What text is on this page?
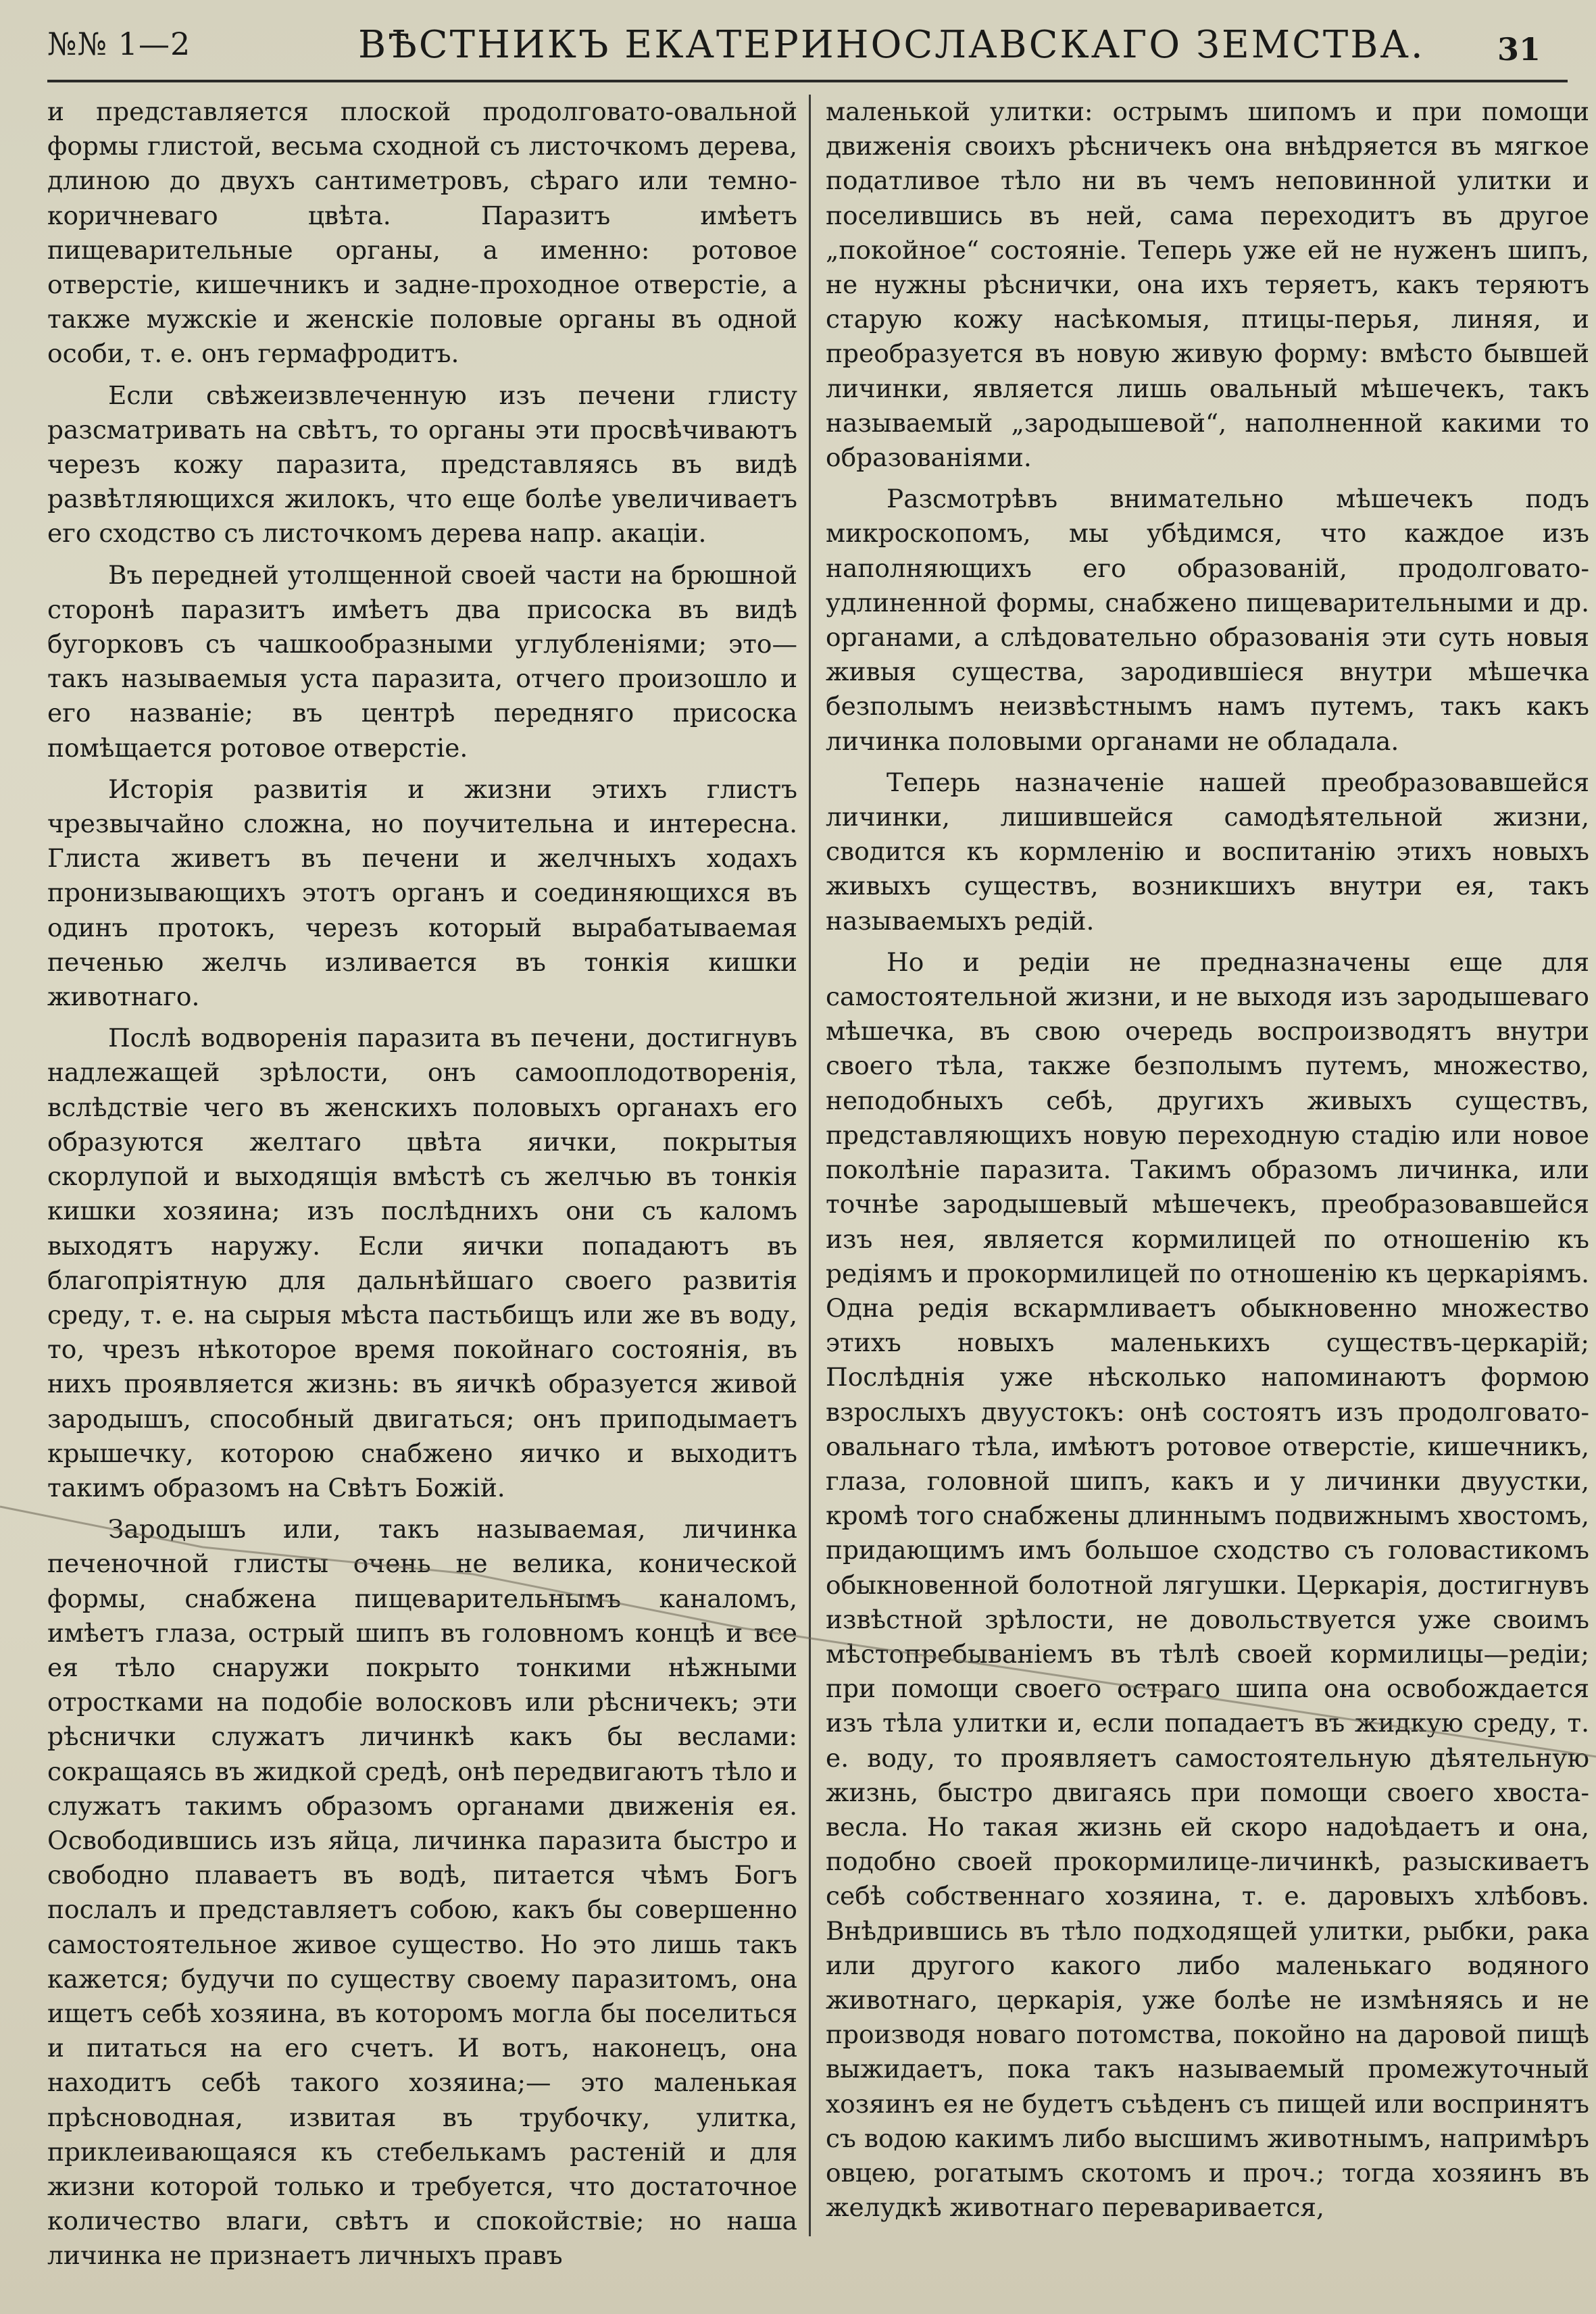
№№ 1—2	ВѢСТНИКЪ ЕКАТЕРИНОСЛАВСКАГО ЗЕМСТВА. 31

и представляется плоской продолговато-овальной формы глистой, весьма сходной съ листочкомъ дерева, длиною до двухъ сантиметровъ, сѣраго или темно-коричневаго цвѣта. Паразитъ имѣетъ пищеварительные органы, а именно: ротовое отверстіе, кишечникъ и задне-проходное отверстіе, а также мужскіе и женскіе половые органы въ одной особи, т. е. онъ гермафродитъ.

Если свѣжеизвлеченную изъ печени глисту разсматривать на свѣтъ, то органы эти просвѣчиваютъ черезъ кожу паразита, представляясь въ видѣ развѣтляющихся жилокъ, что еще болѣе увеличиваетъ его сходство съ листочкомъ дерева напр. акаціи.

Въ передней утолщенной своей части на брюшной сторонѣ паразитъ имѣетъ два присоска въ видѣ бугорковъ съ чашкообразными углубленіями; это—такъ называемыя уста паразита, отчего произошло и его названіе; въ центрѣ передняго присоска помѣщается ротовое отверстіе.

Исторія развитія и жизни этихъ глистъ чрезвычайно сложна, но поучительна и интересна. Глиста живетъ въ печени и желчныхъ ходахъ пронизывающихъ этотъ органъ и соединяющихся въ одинъ протокъ, черезъ который вырабатываемая печенью желчь изливается въ тонкія кишки животнаго.

Послѣ водворенія паразита въ печени, достигнувъ надлежащей зрѣлости, онъ самооплодотворенія, вслѣдствіе чего въ женскихъ половыхъ органахъ его образуются желтаго цвѣта яички, покрытыя скорлупой и выходящія вмѣстѣ съ желчью въ тонкія кишки хозяина; изъ послѣднихъ они съ каломъ выходятъ наружу. Если яички попадаютъ въ благопріятную для дальнѣйшаго своего развитія среду, т. е. на сырыя мѣста пастьбищъ или же въ воду, то, чрезъ нѣкоторое время покойнаго состоянія, въ нихъ проявляется жизнь: въ яичкѣ образуется живой зародышъ, способный двигаться; онъ приподымаетъ крышечку, которою снабжено яичко и выходитъ такимъ образомъ на Свѣтъ Божій.

Зародышъ или, такъ называемая, личинка печеночной глисты очень не велика, конической формы, снабжена пищеварительнымъ каналомъ, имѣетъ глаза, острый шипъ въ головномъ концѣ и все ея тѣло снаружи покрыто тонкими нѣжными отростками на подобіе волосковъ или рѣсничекъ; эти рѣснички служатъ личинкѣ какъ бы веслами: сокращаясь въ жидкой средѣ, онѣ передвигаютъ тѣло и служатъ такимъ образомъ органами движенія ея. Освободившись изъ яйца, личинка паразита быстро и свободно плаваетъ въ водѣ, питается чѣмъ Богъ послалъ и представляетъ собою, какъ бы совершенно самостоятельное живое существо. Но это лишь такъ кажется; будучи по существу своему паразитомъ, она ищетъ себѣ хозяина, въ которомъ могла бы поселиться и питаться на его счетъ. И вотъ, наконецъ, она находитъ себѣ такого хозяина;— это маленькая прѣсноводная, извитая въ трубочку, улитка, приклеивающаяся къ стебелькамъ растеній и для жизни которой только и требуется, что достаточное количество влаги, свѣтъ и спокойствіе; но наша личинка не признаетъ личныхъ правъ

маленькой улитки: острымъ шипомъ и при помощи движенія своихъ рѣсничекъ она внѣдряется въ мягкое податливое тѣло ни въ чемъ неповинной улитки и поселившись въ ней, сама переходитъ въ другое „покойное“ состояніе. Теперь уже ей не нуженъ шипъ, не нужны рѣснички, она ихъ теряетъ, какъ теряютъ старую кожу насѣкомыя, птицы-перья, линяя, и преобразуется въ новую живую форму: вмѣсто бывшей личинки, является лишь овальный мѣшечекъ, такъ называемый „зародышевой“, наполненной какими то образованіями.

Разсмотрѣвъ внимательно мѣшечекъ подъ микроскопомъ, мы убѣдимся, что каждое изъ наполняющихъ его образованій, продолговато-удлиненной формы, снабжено пищеварительными и др. органами, а слѣдовательно образованія эти суть новыя живыя существа, зародившіеся внутри мѣшечка безполымъ неизвѣстнымъ намъ путемъ, такъ какъ личинка половыми органами не обладала.

Теперь назначеніе нашей преобразовавшейся личинки, лишившейся самодѣятельной жизни, сводится къ кормленію и воспитанію этихъ новыхъ живыхъ существъ, возникшихъ внутри ея, такъ называемыхъ редій.

Но и редіи не предназначены еще для самостоятельной жизни, и не выходя изъ зародышеваго мѣшечка, въ свою очередь воспроизводятъ внутри своего тѣла, также безполымъ путемъ, множество, неподобныхъ себѣ, другихъ живыхъ существъ, представляющихъ новую переходную стадію или новое поколѣніе паразита. Такимъ образомъ личинка, или точнѣе зародышевый мѣшечекъ, преобразовавшейся изъ нея, является кормилицей по отношенію къ редіямъ и прокормилицей по отношенію къ церкаріямъ. Одна редія вскармливаетъ обыкновенно множество этихъ новыхъ маленькихъ существъ-церкарій; Послѣднія уже нѣсколько напоминаютъ формою взрослыхъ двуустокъ: онѣ состоятъ изъ продолговато-овальнаго тѣла, имѣютъ ротовое отверстіе, кишечникъ, глаза, головной шипъ, какъ и у личинки двуустки, кромѣ того снабжены длиннымъ подвижнымъ хвостомъ, придающимъ имъ большое сходство съ головастикомъ обыкновенной болотной лягушки. Церкарія, достигнувъ извѣстной зрѣлости, не довольствуется уже своимъ мѣстопребываніемъ въ тѣлѣ своей кормилицы—редіи; при помощи своего остраго шипа она освобождается изъ тѣла улитки и, если попадаетъ въ жидкую среду, т. е. воду, то проявляетъ самостоятельную дѣятельную жизнь, быстро двигаясь при помощи своего хвоста-весла. Но такая жизнь ей скоро надоѣдаетъ и она, подобно своей прокормилице-личинкѣ, разыскиваетъ себѣ собственнаго хозяина, т. е. даровыхъ хлѣбовъ. Внѣдрившись въ тѣло подходящей улитки, рыбки, рака или другого какого либо маленькаго водяного животнаго, церкарія, уже болѣе не измѣняясь и не производя новаго потомства, покойно на даровой пищѣ выжидаетъ, пока такъ называемый промежуточный хозяинъ ея не будетъ съѣденъ съ пищей или воспринятъ съ водою какимъ либо высшимъ животнымъ, напримѣръ овцею, рогатымъ скотомъ и проч.; тогда хозяинъ въ желудкѣ животнаго переваривается,
